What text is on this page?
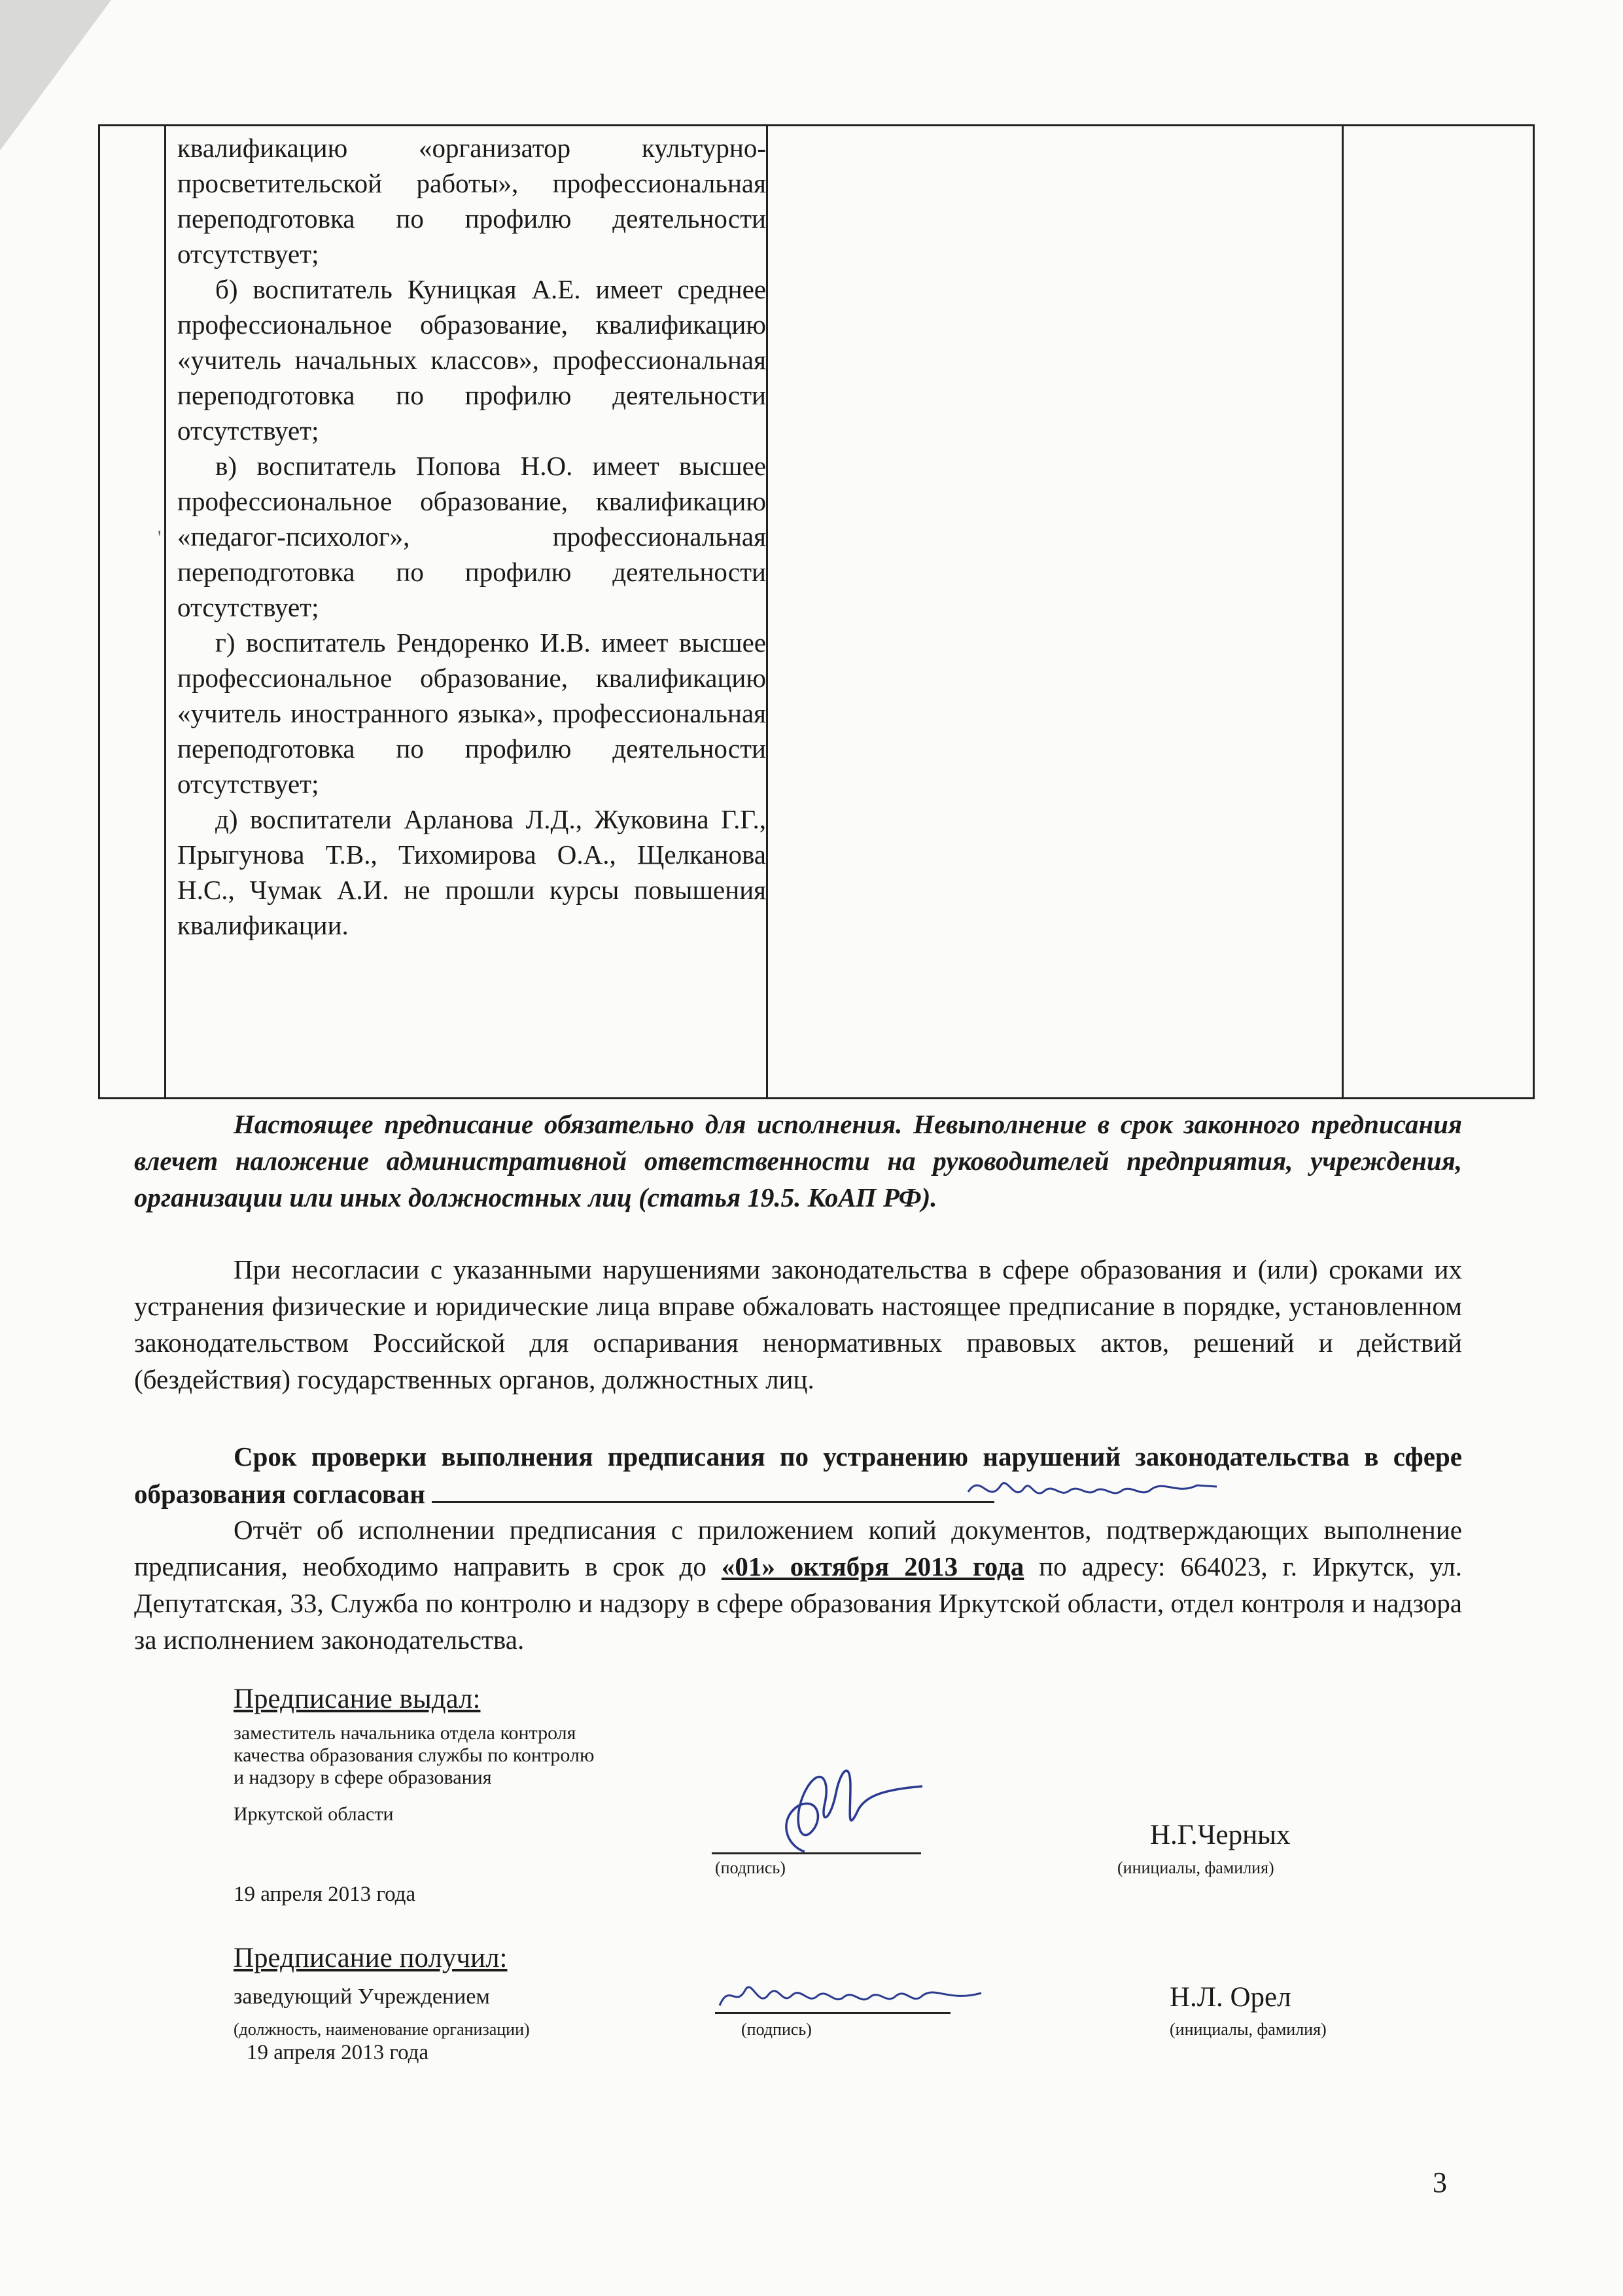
'

квалификацию «организатор культурно-просветительской работы», профессиональная переподготовка по профилю деятельности отсутствует;

б) воспитатель Куницкая А.Е. имеет среднее профессиональное образование, квалификацию «учитель начальных классов», профессиональная переподготовка по профилю деятельности отсутствует;

в) воспитатель Попова Н.О. имеет высшее профессиональное образование, квалификацию «педагог-психолог», профессиональная переподготовка по профилю деятельности отсутствует;

г) воспитатель Рендоренко И.В. имеет высшее профессиональное образование, квалификацию «учитель иностранного языка», профессиональная переподготовка по профилю деятельности отсутствует;

д) воспитатели Арланова Л.Д., Жуковина Г.Г., Прыгунова Т.В., Тихомирова О.А., Щелканова Н.С., Чумак А.И. не прошли курсы повышения квалификации.

Настоящее предписание обязательно для исполнения. Невыполнение в срок законного предписания влечет наложение административной ответственности на руководителей предприятия, учреждения, организации или иных должностных лиц (статья 19.5. КоАП РФ).

При несогласии с указанными нарушениями законодательства в сфере образования и (или) сроками их устранения физические и юридические лица вправе обжаловать настоящее предписание в порядке, установленном законодательством Российской для оспаривания ненормативных правовых актов, решений и действий (бездействия) государственных органов, должностных лиц.

Срок проверки выполнения предписания по устранению нарушений законодательства в сфере образования согласован

Отчёт об исполнении предписания с приложением копий документов, подтверждающих выполнение предписания, необходимо направить в срок до «01» октября 2013 года по адресу: 664023, г. Иркутск, ул. Депутатская, 33, Служба по контролю и надзору в сфере образования Иркутской области, отдел контроля и надзора за исполнением законодательства.

Предписание выдал:
заместитель начальника отдела контроля
качества образования службы по контролю
и надзору в сфере образования
Иркутской области
(подпись)
Н.Г.Черных
(инициалы, фамилия)
19 апреля 2013 года
Предписание получил:
заведующий Учреждением
(должность, наименование организации)	(подпись)
Н.Л. Орел
(инициалы, фамилия)
19 апреля 2013 года
3
